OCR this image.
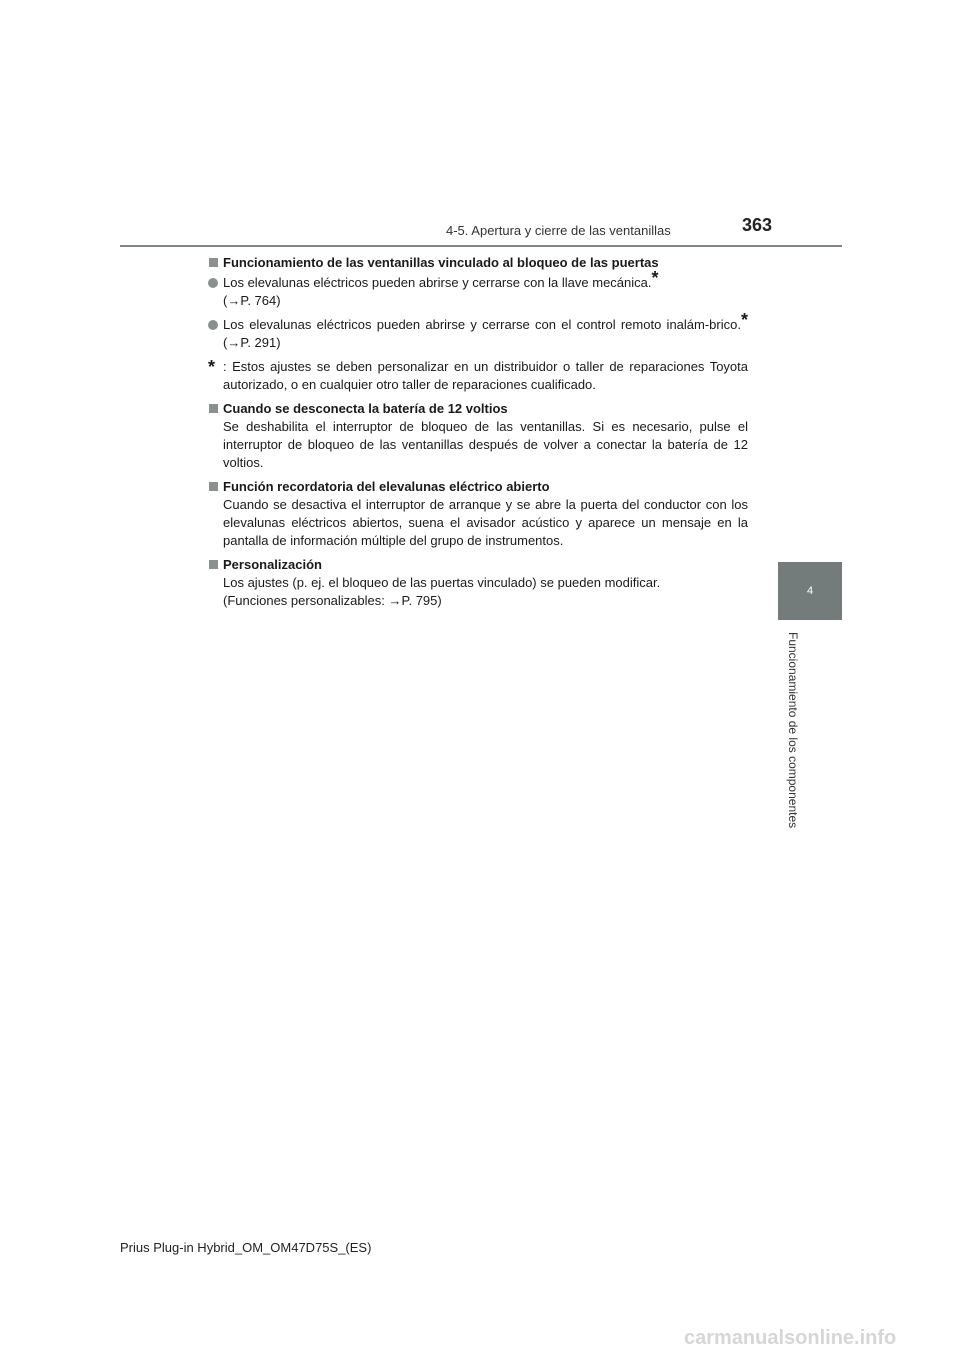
4-5. Apertura y cierre de las ventanillas	363
4
Funcionamiento de los componentes
Funcionamiento de las ventanillas vinculado al bloqueo de las puertas
Los elevalunas eléctricos pueden abrirse y cerrarse con la llave mecánica.*
(→P. 764)
Los elevalunas eléctricos pueden abrirse y cerrarse con el control remoto inalám-brico.* (→P. 291)
* : Estos ajustes se deben personalizar en un distribuidor o taller de reparaciones Toyota autorizado, o en cualquier otro taller de reparaciones cualificado.
Cuando se desconecta la batería de 12 voltios
Se deshabilita el interruptor de bloqueo de las ventanillas. Si es necesario, pulse el interruptor de bloqueo de las ventanillas después de volver a conectar la batería de 12 voltios.
Función recordatoria del elevalunas eléctrico abierto
Cuando se desactiva el interruptor de arranque y se abre la puerta del conductor con los elevalunas eléctricos abiertos, suena el avisador acústico y aparece un mensaje en la pantalla de información múltiple del grupo de instrumentos.
Personalización
Los ajustes (p. ej. el bloqueo de las puertas vinculado) se pueden modificar.
(Funciones personalizables: →P. 795)
Prius Plug-in Hybrid_OM_OM47D75S_(ES)
carmanualsonline.info
